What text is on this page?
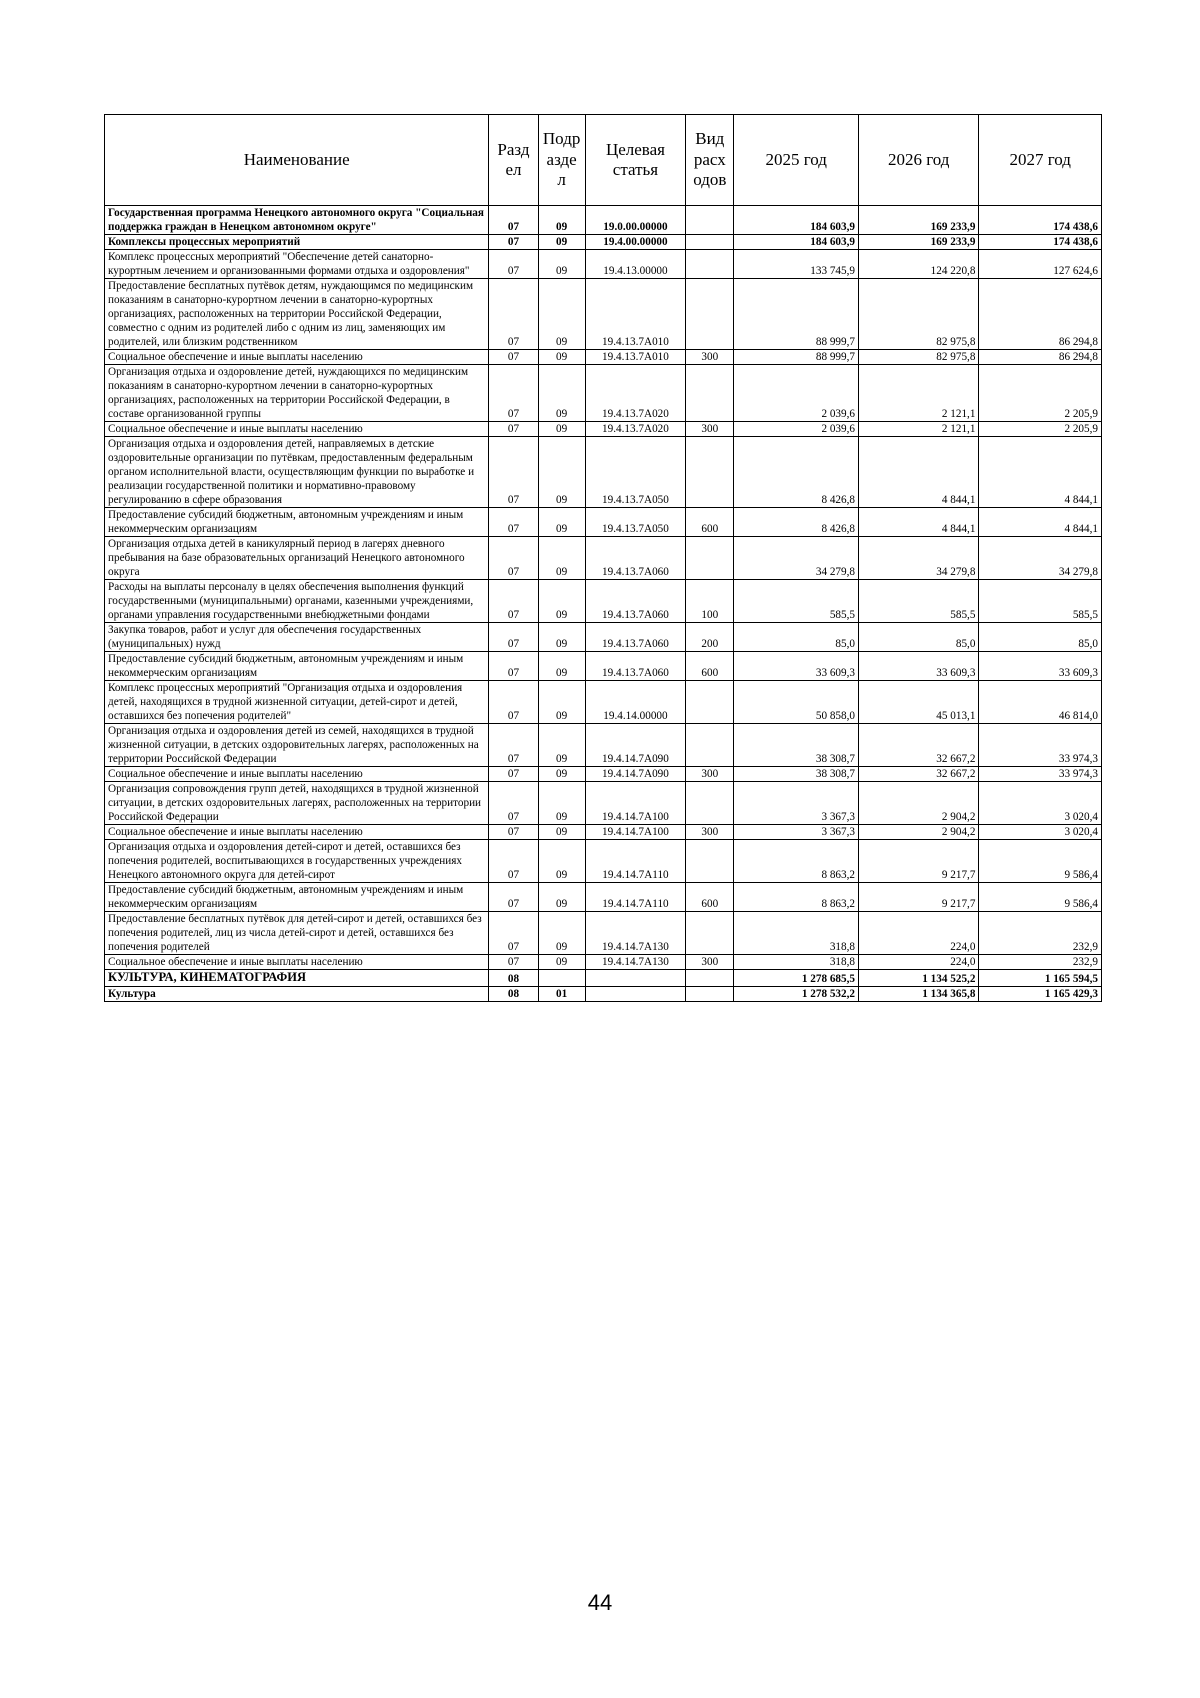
Наименование	Разд ел	Подр азде л	Целевая статья	Вид расх одов	2025 год	2026 год	2027 год
Государственная программа Ненецкого автономного округа "Социальная поддержка граждан в Ненецком автономном округе"	07	09	19.0.00.00000		184 603,9	169 233,9	174 438,6
Комплексы процессных мероприятий	07	09	19.4.00.00000		184 603,9	169 233,9	174 438,6
Комплекс процессных мероприятий "Обеспечение детей санаторно-курортным лечением и организованными формами отдыха и оздоровления"	07	09	19.4.13.00000		133 745,9	124 220,8	127 624,6
Предоставление бесплатных путёвок детям, нуждающимся по медицинским показаниям в санаторно-курортном лечении в санаторно-курортных организациях, расположенных на территории Российской Федерации, совместно с одним из родителей либо с одним из лиц, заменяющих им родителей, или близким родственником	07	09	19.4.13.7А010		88 999,7	82 975,8	86 294,8
Социальное обеспечение и иные выплаты населению	07	09	19.4.13.7А010	300	88 999,7	82 975,8	86 294,8
Организация отдыха и оздоровление детей, нуждающихся по медицинским показаниям в санаторно-курортном лечении в санаторно-курортных организациях, расположенных на территории Российской Федерации, в составе организованной группы	07	09	19.4.13.7А020		2 039,6	2 121,1	2 205,9
Социальное обеспечение и иные выплаты населению	07	09	19.4.13.7А020	300	2 039,6	2 121,1	2 205,9
Организация отдыха и оздоровления детей, направляемых в детские оздоровительные организации по путёвкам, предоставленным федеральным органом исполнительной власти, осуществляющим функции по выработке и реализации государственной политики и нормативно-правовому регулированию в сфере образования	07	09	19.4.13.7А050		8 426,8	4 844,1	4 844,1
Предоставление субсидий бюджетным, автономным учреждениям и иным некоммерческим организациям	07	09	19.4.13.7А050	600	8 426,8	4 844,1	4 844,1
Организация отдыха детей в каникулярный период в лагерях дневного пребывания на базе образовательных организаций Ненецкого автономного округа	07	09	19.4.13.7А060		34 279,8	34 279,8	34 279,8
Расходы на выплаты персоналу в целях обеспечения выполнения функций государственными (муниципальными) органами, казенными учреждениями, органами управления государственными внебюджетными фондами	07	09	19.4.13.7А060	100	585,5	585,5	585,5
Закупка товаров, работ и услуг для обеспечения государственных (муниципальных) нужд	07	09	19.4.13.7А060	200	85,0	85,0	85,0
Предоставление субсидий бюджетным, автономным учреждениям и иным некоммерческим организациям	07	09	19.4.13.7А060	600	33 609,3	33 609,3	33 609,3
Комплекс процессных мероприятий "Организация отдыха и оздоровления детей, находящихся в трудной жизненной ситуации, детей-сирот и детей, оставшихся без попечения родителей"	07	09	19.4.14.00000		50 858,0	45 013,1	46 814,0
Организация отдыха и оздоровления детей из семей, находящихся в трудной жизненной ситуации, в детских оздоровительных лагерях, расположенных на территории Российской Федерации	07	09	19.4.14.7А090		38 308,7	32 667,2	33 974,3
Социальное обеспечение и иные выплаты населению	07	09	19.4.14.7А090	300	38 308,7	32 667,2	33 974,3
Организация сопровождения групп детей, находящихся в трудной жизненной ситуации, в детских оздоровительных лагерях, расположенных на территории Российской Федерации	07	09	19.4.14.7А100		3 367,3	2 904,2	3 020,4
Социальное обеспечение и иные выплаты населению	07	09	19.4.14.7А100	300	3 367,3	2 904,2	3 020,4
Организация отдыха и оздоровления детей-сирот и детей, оставшихся без попечения родителей, воспитывающихся в государственных учреждениях Ненецкого автономного округа для детей-сирот	07	09	19.4.14.7А110		8 863,2	9 217,7	9 586,4
Предоставление субсидий бюджетным, автономным учреждениям и иным некоммерческим организациям	07	09	19.4.14.7А110	600	8 863,2	9 217,7	9 586,4
Предоставление бесплатных путёвок для детей-сирот и детей, оставшихся без попечения родителей, лиц из числа детей-сирот и детей, оставшихся без попечения родителей	07	09	19.4.14.7А130		318,8	224,0	232,9
Социальное обеспечение и иные выплаты населению	07	09	19.4.14.7А130	300	318,8	224,0	232,9
КУЛЬТУРА, КИНЕМАТОГРАФИЯ	08				1 278 685,5	1 134 525,2	1 165 594,5
Культура	08	01			1 278 532,2	1 134 365,8	1 165 429,3
44
